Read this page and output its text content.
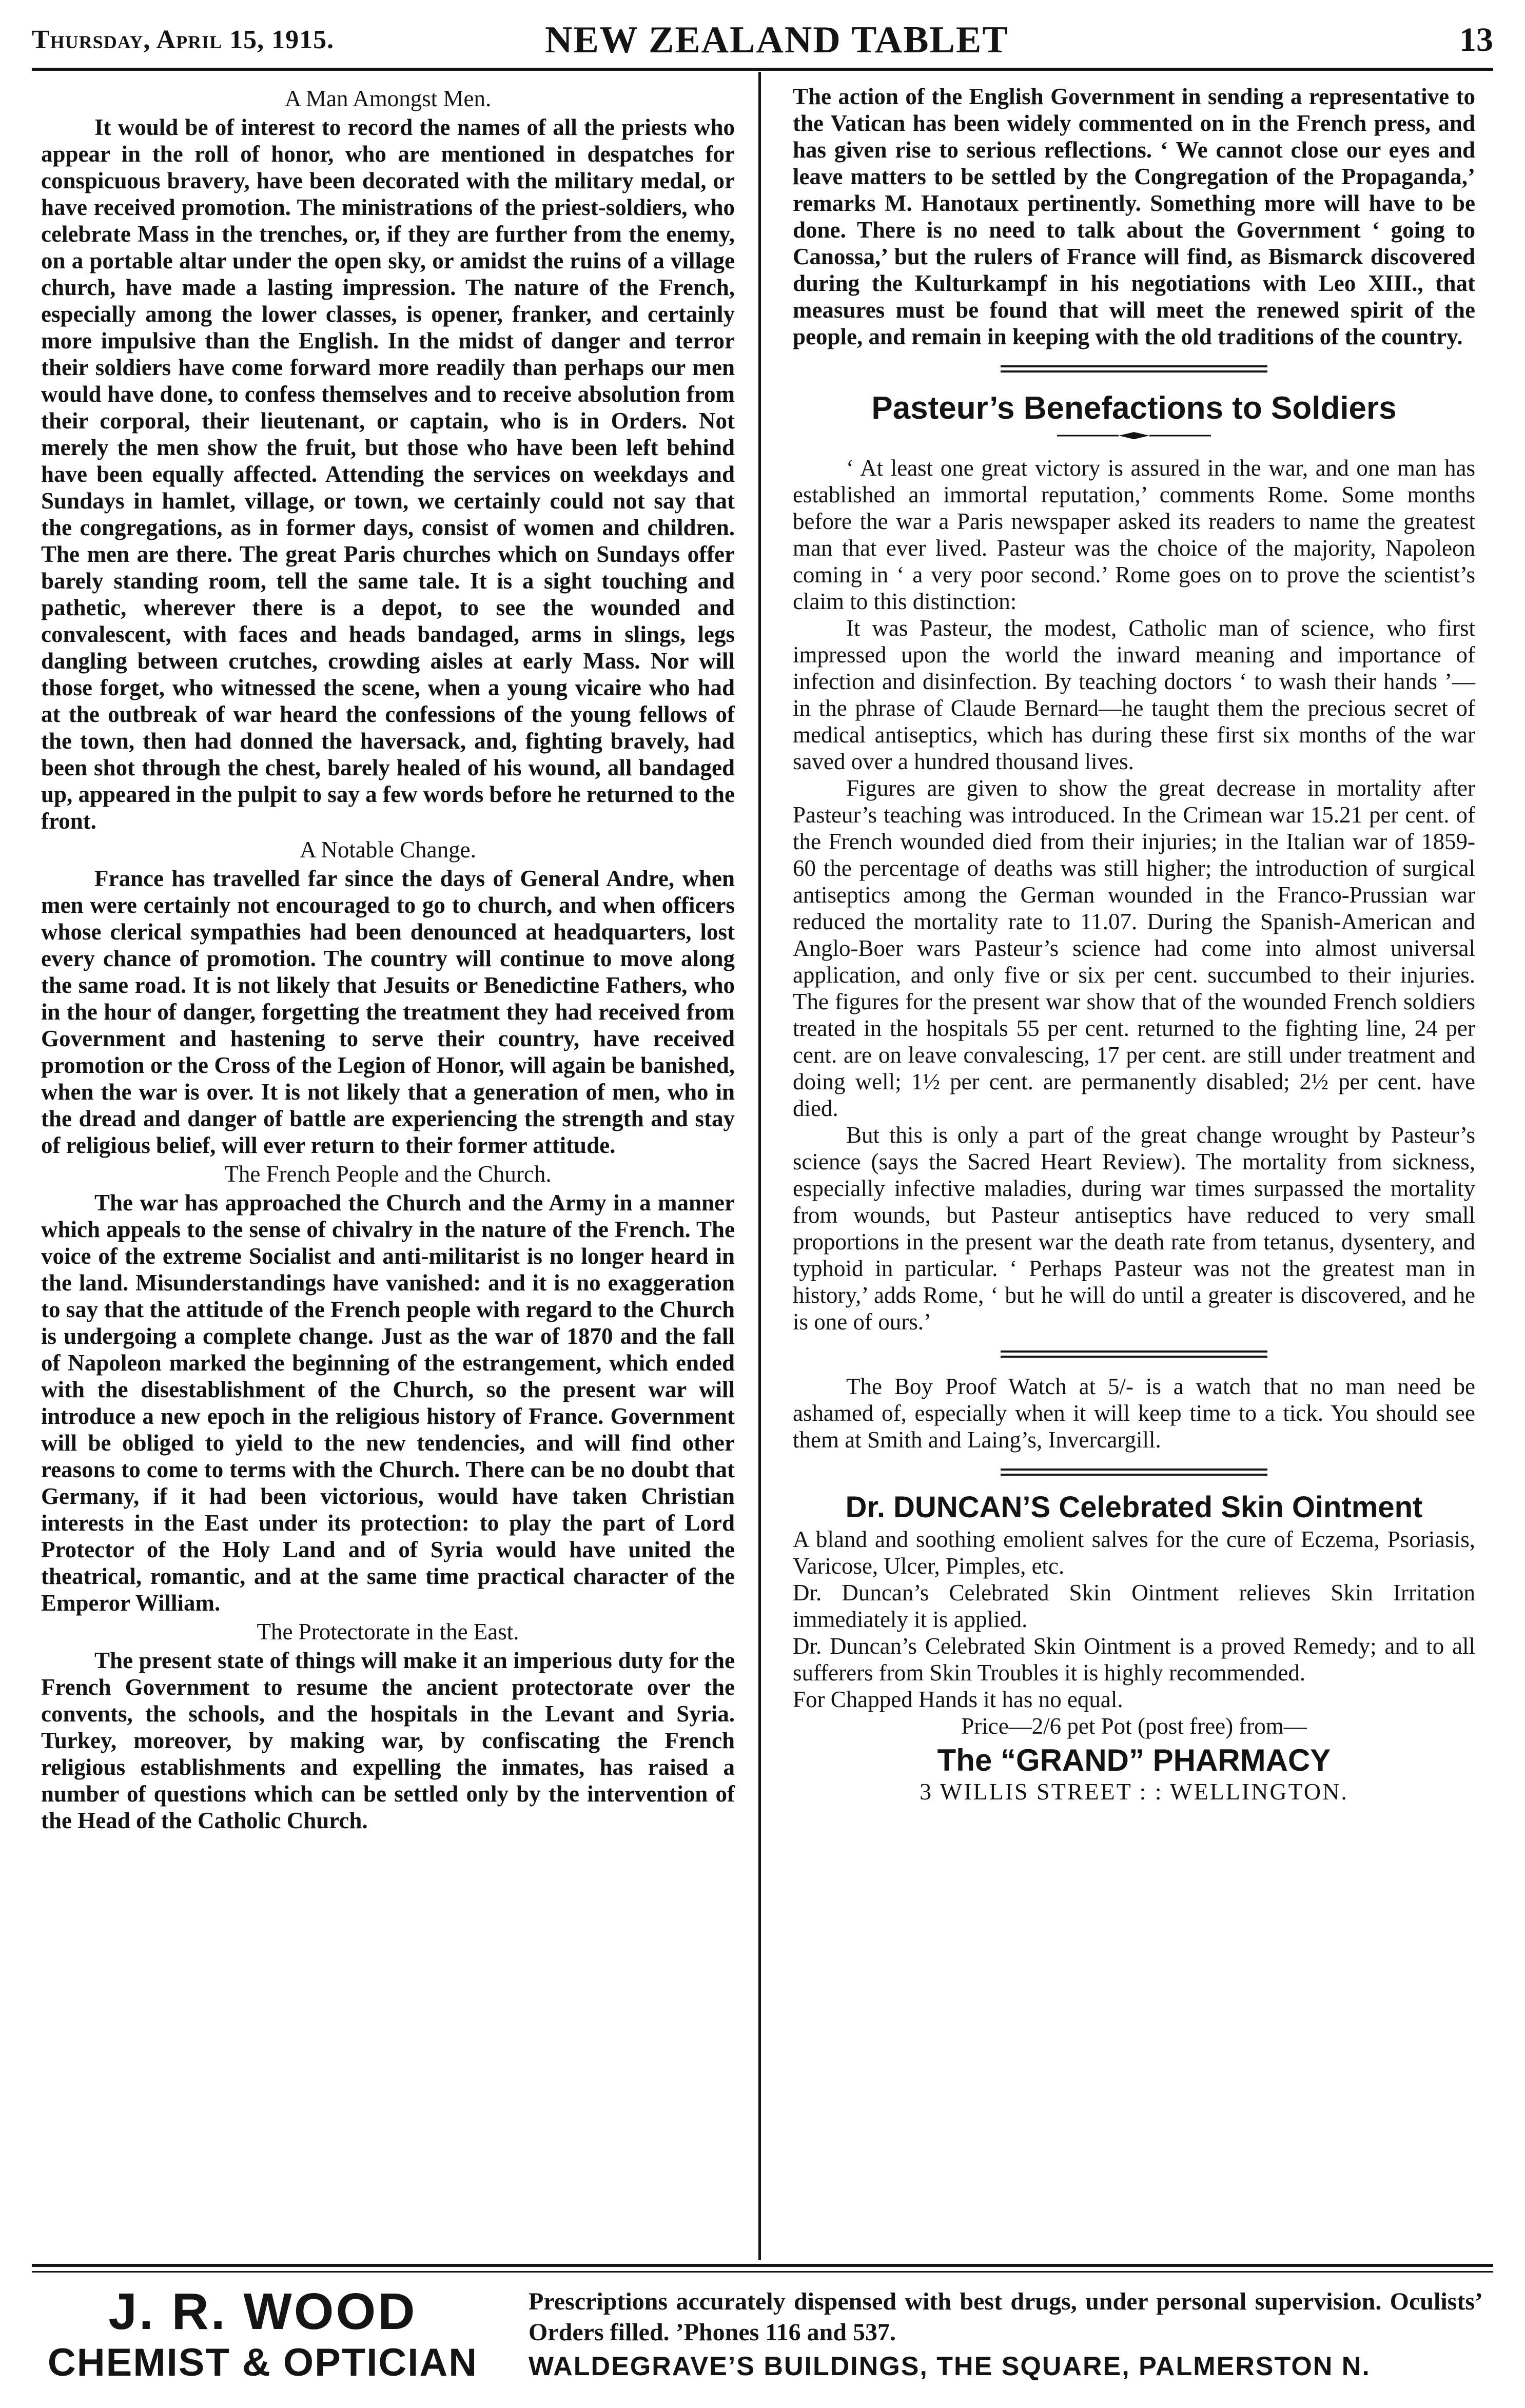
Thursday, April 15, 1915.	NEW ZEALAND TABLET	13
A Man Amongst Men.

It would be of interest to record the names of all the priests who appear in the roll of honor, who are mentioned in despatches for conspicuous bravery, have been decorated with the military medal, or have received promotion. The ministrations of the priest-soldiers, who celebrate Mass in the trenches, or, if they are further from the enemy, on a portable altar under the open sky, or amidst the ruins of a village church, have made a lasting impression. The nature of the French, especially among the lower classes, is opener, franker, and certainly more impulsive than the English. In the midst of danger and terror their soldiers have come forward more readily than perhaps our men would have done, to confess themselves and to receive absolution from their corporal, their lieutenant, or captain, who is in Orders. Not merely the men show the fruit, but those who have been left behind have been equally affected. Attending the services on weekdays and Sundays in hamlet, village, or town, we certainly could not say that the congregations, as in former days, consist of women and children. The men are there. The great Paris churches which on Sundays offer barely standing room, tell the same tale. It is a sight touching and pathetic, wherever there is a depot, to see the wounded and convalescent, with faces and heads bandaged, arms in slings, legs dangling between crutches, crowding aisles at early Mass. Nor will those forget, who witnessed the scene, when a young vicaire who had at the outbreak of war heard the confessions of the young fellows of the town, then had donned the haversack, and, fighting bravely, had been shot through the chest, barely healed of his wound, all bandaged up, appeared in the pulpit to say a few words before he returned to the front.

A Notable Change.

France has travelled far since the days of General Andre, when men were certainly not encouraged to go to church, and when officers whose clerical sympathies had been denounced at headquarters, lost every chance of promotion. The country will continue to move along the same road. It is not likely that Jesuits or Benedictine Fathers, who in the hour of danger, forgetting the treatment they had received from Government and hastening to serve their country, have received promotion or the Cross of the Legion of Honor, will again be banished, when the war is over. It is not likely that a generation of men, who in the dread and danger of battle are experiencing the strength and stay of religious belief, will ever return to their former attitude.

The French People and the Church.

The war has approached the Church and the Army in a manner which appeals to the sense of chivalry in the nature of the French. The voice of the extreme Socialist and anti-militarist is no longer heard in the land. Misunderstandings have vanished: and it is no exaggeration to say that the attitude of the French people with regard to the Church is undergoing a complete change. Just as the war of 1870 and the fall of Napoleon marked the beginning of the estrangement, which ended with the disestablishment of the Church, so the present war will introduce a new epoch in the religious history of France. Government will be obliged to yield to the new tendencies, and will find other reasons to come to terms with the Church. There can be no doubt that Germany, if it had been victorious, would have taken Christian interests in the East under its protection: to play the part of Lord Protector of the Holy Land and of Syria would have united the theatrical, romantic, and at the same time practical character of the Emperor William.

The Protectorate in the East.

The present state of things will make it an imperious duty for the French Government to resume the ancient protectorate over the convents, the schools, and the hospitals in the Levant and Syria. Turkey, moreover, by making war, by confiscating the French religious establishments and expelling the inmates, has raised a number of questions which can be settled only by the intervention of the Head of the Catholic Church.

The action of the English Government in sending a representative to the Vatican has been widely commented on in the French press, and has given rise to serious reflections. ‘ We cannot close our eyes and leave matters to be settled by the Congregation of the Propaganda,’ remarks M. Hanotaux pertinently. Something more will have to be done. There is no need to talk about the Government ‘ going to Canossa,’ but the rulers of France will find, as Bismarck discovered during the Kulturkampf in his negotiations with Leo XIII., that measures must be found that will meet the renewed spirit of the people, and remain in keeping with the old traditions of the country.

Pasteur’s Benefactions to Soldiers

‘ At least one great victory is assured in the war, and one man has established an immortal reputation,’ comments Rome. Some months before the war a Paris newspaper asked its readers to name the greatest man that ever lived. Pasteur was the choice of the majority, Napoleon coming in ‘ a very poor second.’ Rome goes on to prove the scientist’s claim to this distinction:

It was Pasteur, the modest, Catholic man of science, who first impressed upon the world the inward meaning and importance of infection and disinfection. By teaching doctors ‘ to wash their hands ’—in the phrase of Claude Bernard—he taught them the precious secret of medical antiseptics, which has during these first six months of the war saved over a hundred thousand lives.

Figures are given to show the great decrease in mortality after Pasteur’s teaching was introduced. In the Crimean war 15.21 per cent. of the French wounded died from their injuries; in the Italian war of 1859-60 the percentage of deaths was still higher; the introduction of surgical antiseptics among the German wounded in the Franco-Prussian war reduced the mortality rate to 11.07. During the Spanish-American and Anglo-Boer wars Pasteur’s science had come into almost universal application, and only five or six per cent. succumbed to their injuries. The figures for the present war show that of the wounded French soldiers treated in the hospitals 55 per cent. returned to the fighting line, 24 per cent. are on leave convalescing, 17 per cent. are still under treatment and doing well; 1½ per cent. are permanently disabled; 2½ per cent. have died.

But this is only a part of the great change wrought by Pasteur’s science (says the Sacred Heart Review). The mortality from sickness, especially infective maladies, during war times surpassed the mortality from wounds, but Pasteur antiseptics have reduced to very small proportions in the present war the death rate from tetanus, dysentery, and typhoid in particular. ‘ Perhaps Pasteur was not the greatest man in history,’ adds Rome, ‘ but he will do until a greater is discovered, and he is one of ours.’

The Boy Proof Watch at 5/- is a watch that no man need be ashamed of, especially when it will keep time to a tick. You should see them at Smith and Laing’s, Invercargill.

Dr. DUNCAN’S Celebrated Skin Ointment

A bland and soothing emolient salves for the cure of Eczema, Psoriasis, Varicose, Ulcer, Pimples, etc.

Dr. Duncan’s Celebrated Skin Ointment relieves Skin Irritation immediately it is applied.

Dr. Duncan’s Celebrated Skin Ointment is a proved Remedy; and to all sufferers from Skin Troubles it is highly recommended.

For Chapped Hands it has no equal.

Price—2/6 pet Pot (post free) from—

The “GRAND” PHARMACY
3 WILLIS STREET : : WELLINGTON.
J. R. WOOD
CHEMIST & OPTICIAN
Prescriptions accurately dispensed with best drugs, under personal supervision. Oculists’ Orders filled. ’Phones 116 and 537.
WALDEGRAVE’S BUILDINGS, THE SQUARE, PALMERSTON N.
